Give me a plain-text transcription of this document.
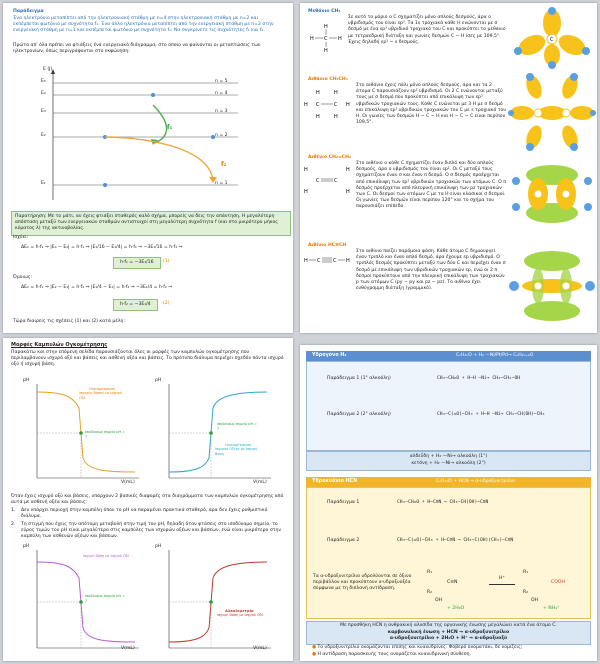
Παράδειγμα
Ένα ηλεκτρόνιο μεταπίπτει από την ηλεκτρονιακή στάθμη με n=4 στην ηλεκτρονιακή στάθμη με n=2 και εκπέμπεται φωτόνιο με συχνότητα f₁. Ένα άλλο ηλεκτρόνιο μεταπίπτει από την ενεργειακή στάθμη με n=2 στην ενεργειακή στάθμη με n=1 και εκπέμπεται φωτόνιο με συχνότητα f₂. Να συγκρίνετε τις συχνότητες f₁ και f₂.
Πρώτα απ' όλα πρέπει να φτιάξεις ένα ενεργειακό διάγραμμα, στο οποίο να φαίνονται οι μεταπτώσεις των ηλεκτρονίων, όπως περιγράφονται στο εκφώνηση:
E (J)
f₁
f₂
E₅	n = 5
E₄	n = 4
E₃	n = 3
E₂	n = 2
E₁	n = 1
Παρατήρηση: Με το μάτι, αν έχεις φτιάξει σταθερός καλό σχήμα, μπορείς να δεις την απάντηση. Η μεγαλύτερη απόσταση μεταξύ των ενεργειακών σταθμών αντιστοιχεί στη μεγαλύτερη συχνότητα f (και στο μικρότερο μήκος κύματος λ) της ακτινοβολίας.
Ισχύει:
ΔE₁ = h·f₁ ⇒ |E₄ − E₂| = h·f₁ ⇒ |E₁/16 − E₁/4| = h·f₁ ⇒ −3E₁/16 = h·f₁ ⇒
h·f₁ = −3E₁/16	(1)
Όμοιως:
ΔE₂ = h·f₂ ⇒ |E₂ − E₁| = h·f₂ ⇒ |E₁/4 − E₁| = h·f₂ ⇒ −3E₁/4 = h·f₂ ⇒
h·f₂ = −3E₁/4	(2)
Τώρα διαιρείς τις σχέσεις (1) και (2) κατά μέλη:
Μεθάνιο CH₄
H
H C H
H
Σε αυτό το μόριο ο C σχηματίζει μόνο απλούς δεσμούς, άρα ο υβριδισμός του είναι sp³. Τα 1s τροχιακά κάθε H ενώνονται με σ δεσμό με ένα sp³ υβριδικό τροχιακό του C και προκύπτει το μεθάνιο με τετραεδρική διάταξη και γωνίες δεσμών C − H ίσες με 109,5°. Έχεις δηλαδή sp³ − s δεσμούς.	C
Αιθάνιο CH₃CH₃
H	H
H C	C H
H	H
Στο αιθάνιο έχεις πάλι μόνο απλούς δεσμούς, άρα και τα 2 άτομα C παρουσιάζουν sp³ υβριδισμό. Οι 2 C ενώνονται μεταξύ τους με σ δεσμό που προκύπτει από επικάλυψη των sp³ υβριδικών τροχιακών τους. Κάθε C ενώνεται με 3 H με σ δεσμό και επικάλυψη sp³ υβριδικών τροχιακών του C με s τροχιακό του H. Οι γωνίες των δεσμών H − C − H και H − C − C είναι περίπου 109,5°.
Αιθένιο CH₂=CH₂
H	H
C	C
H	H
Στο αιθένιο ο κάθε C σχηματίζει έναν διπλό και δύο απλούς δεσμούς, άρα ο υβριδισμός του είναι sp². Οι C μεταξύ τους σχηματίζουν έναν σ και έναν π δεσμό. Ο σ δεσμός προέρχεται από επικάλυψη των sp² υβριδικών τροχιακών των ατόμων C. Ο π δεσμός προέρχεται από πλευρική επικάλυψη των pz τροχιακών των C. Οι δεσμοί των ατόμων C με τα H είναι κλασικοί σ δεσμοί. Οι γωνίες των δεσμών είναι περίπου 120° και το σχήμα του παρουσιάζει επίπεδο.
Αιθίνιο HC≡CH
H C	C H
Στο αιθίνιο παίζει παρόμοια φάση. Κάθε άτομο C δημιουργεί έναν τριπλό και έναν απλό δεσμό, άρα έχουμε sp υβριδισμό. Ο τριπλός δεσμός προκύπτει μεταξύ των δύο C και περιέχει έναν σ δεσμό με επικάλυψη των υβριδικών τροχιακών sp, ενώ οι 2 π δεσμοί προκύπτουν από την πλευρική επικάλυψη των τροχιακών p των ατόμων C (py − py και pz − pz). Το αιθίνιο έχει ευθύγραμμη διάταξη (γραμμικό).
Μορφές Καμπυλών Ογκομέτρησης
Παρακάτω και στην επόμενη σελίδα παρουσιάζονται όλες οι μορφές των καμπυλών ογκομέτρησης που περιλαμβάνουν ισχυρό οξύ και βάσεις και ασθενή οξέα και βάσεις. Το πρότυπο διάλυμα περιέχει σχεδόν πάντα ισχυρό οξύ ή ισχυρή βάση.
pH
V(mL)
Ογκομέτρηση
Ισχυρής Βάσης με Ισχυρό Οξύ
Ισοδύναμο σημείο pH = 7
pH
V(mL)
Ογκομέτρηση
Ισχυρού Οξέος με Ισχυρή Βάση
Ισοδύναμο σημείο pH = 7
Όταν έχεις ισχυρό οξύ και βάσεις, υπάρχουν 2 βασικές διαφορές στα διαγράμματα των καμπυλών ογκομέτρησης από αυτά με ασθενή οξέα και βάσεις:
1. Δεν υπάρχει περιοχή στην καμπύλη όπου το pH να παραμένει πρακτικά σταθερό, άρα δεν έχεις ρυθμιστικό διάλυμα.
2. Τη στιγμή που έχεις την απότομη μεταβολή στην τιμή του pH, δηλαδή όταν φτάσεις στο ισοδύναμο σημείο, το εύρος τιμών του pH είναι μεγαλύτερο στις καμπύλες των ισχυρών οξέων και βάσεων, ενώ είναι μικρότερο στην καμπύλη των ασθενών οξέων και βάσεων.
pH
V(mL)
Ισχυρή Βάση με Ισχυρό Οξύ
Ισοδύναμο σημείο pH = 7
pH
V(mL)
Αλκαλιμετρία
Ισχυρή Βάση με Ισχυρό Οξύ
Υδρογόνο H₂	CₙH₂ₙO + H₂ —Ni/Pt/Pd→ CₙH₂ₙ₊₂O
Παράδειγμα 1 (1° αλκοόλη)	CH₃−CH=O + H−H —Ni→ CH₃−CH₂−OH
Παράδειγμα 2 (2° αλκοόλη)	CH₃−C(=O)−CH₃ + H−H —Ni→ CH₃−CH(OH)−CH₃
αλδεΰδη + H₂ —Ni→ αλκοόλη (1°)
κετόνη + H₂ —Ni→ αλκοόλη (2°)
Υδροκυάνιο HCN	CₙH₂ₙO + HCN → α-υδροξυνιτρίλιο
Παράδειγμα 1	CH₃−CH=O + H−C≡N → CH₃−CH(OH)−C≡N
Παράδειγμα 2	CH₃−C(=O)−CH₃ + H−C≡N → CH₃−C(OH)(CH₃)−C≡N
Τα α-υδροξυνιτρίλια υδρολύονται σε όξινο περιβάλλον και προκύπτουν α-υδροξυοξέα σύμφωνα με τη διπλανή αντίδραση.
R₁
C≡N
R₂
OH
+ 2H₂O
H⁺
R₁
COOH
R₂
OH
+ NH₄⁺
Με προσθήκη HCN η ανθρακική αλυσίδα της οργανικής ένωσης μεγαλώνει κατά ένα άτομο C.
καρβονυλική ένωση + HCN → α-υδροξυνιτρίλιο
α-υδροξυνιτρίλιο + 2H₂O + H⁺ → α-υδροξυοξύ
● Το υδροξυνιτρίλιο ονομάζονται επίσης και κυανυδρίνες. Φοβερό ονοματάκι, δε νομίζεις;
● Η αντίδραση παρασκευής τους ονομάζεται κυανυδρινική σύνθεση.
